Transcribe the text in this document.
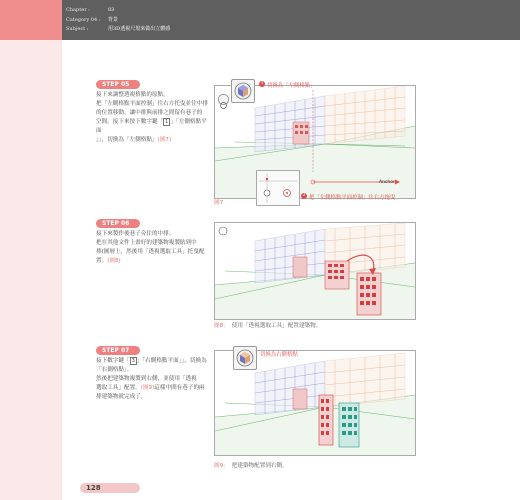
Chapter :	03
Category 04 : 背景
Subject :	用3D透視尺規來做出立體感
STEP 05
接下來調整透視格點的原點。
把「左側格點平面控制」往右方托曳並往中排
的位置移動，讓中排與前排之間留有巷子的
空間。接下來按下數字鍵「 1 」「左側格點平面
」」，切換為「左側格點」(圖7)
1 切換為「左側格點」
Anchor
2 把「左側格點平面控制」往右方拖曳
圖7
STEP 06
接下來製作後巷子旁住的中排。
把在其他文件上畫好的建築物複製貼到中
排(圖層上，然後用「透視選取工具」托曳配
置。(圖8)
圖8： 使用「透視選取工具」配置建築物。
STEP 07
接下數字鍵「 3 」「右側格點平面」」，切換為
「右側格點」。
然後把建築物複製到右側，並使用「透視
選取工具」配置。(圖9)這樣中間有巷子的兩
排建築物就完成了。
切換為右側格點
圖9： 把建築物配置到右側。
128
